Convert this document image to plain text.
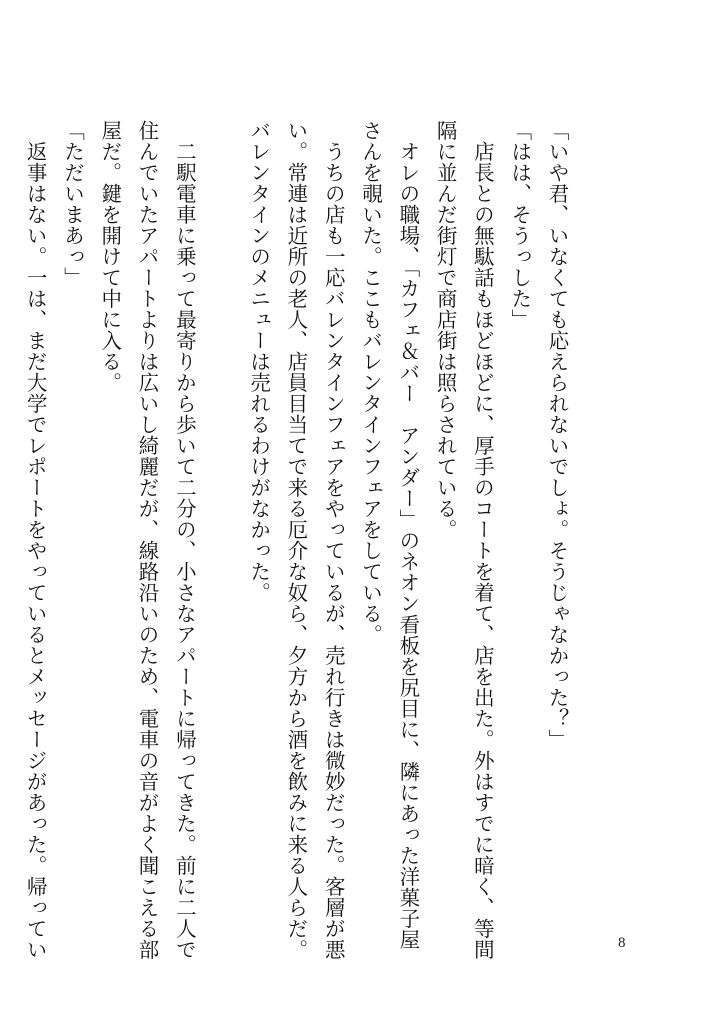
「いや君、いなくても応えられないでしょ。そうじゃなかった？」

「はは、そうっした」

　店長との無駄話もほどほどに、厚手のコートを着て、店を出た。外はすでに暗く、等間

隔に並んだ街灯で商店街は照らされている。

　オレの職場、「カフェ＆バー　アンダー」のネオン看板を尻目に、隣にあった洋菓子屋

さんを覗いた。ここもバレンタインフェアをしている。

　うちの店も一応バレンタインフェアをやっているが、売れ行きは微妙だった。客層が悪

い。常連は近所の老人、店員目当てで来る厄介な奴ら、夕方から酒を飲みに来る人らだ。

バレンタインのメニューは売れるわけがなかった。

　二駅電車に乗って最寄りから歩いて二分の、小さなアパートに帰ってきた。前に二人で

住んでいたアパートよりは広いし綺麗だが、線路沿いのため、電車の音がよく聞こえる部

屋だ。鍵を開けて中に入る。

「ただいまあっ」

　返事はない。一は、まだ大学でレポートをやっているとメッセージがあった。帰ってい	8
